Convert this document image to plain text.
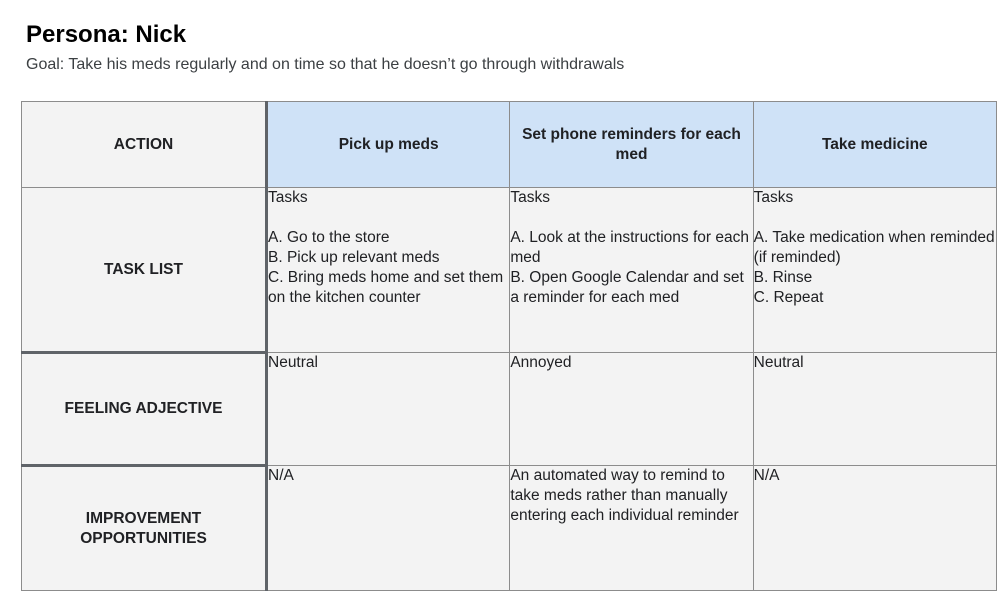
Persona: Nick
Goal: Take his meds regularly and on time so that he doesn’t go through withdrawals
ACTION	Pick up meds	Set phone reminders for each med	Take medicine
TASK LIST	Tasks
A. Go to the store
B. Pick up relevant meds
C. Bring meds home and set them on the kitchen counter	Tasks
A. Look at the instructions for each med
B. Open Google Calendar and set a reminder for each med	Tasks
A. Take medication when reminded (if reminded)
B. Rinse
C. Repeat

FEELING ADJECTIVE	Neutral	Annoyed	Neutral
IMPROVEMENT OPPORTUNITIES	N/A	An automated way to remind to take meds rather than manually entering each individual reminder	N/A
